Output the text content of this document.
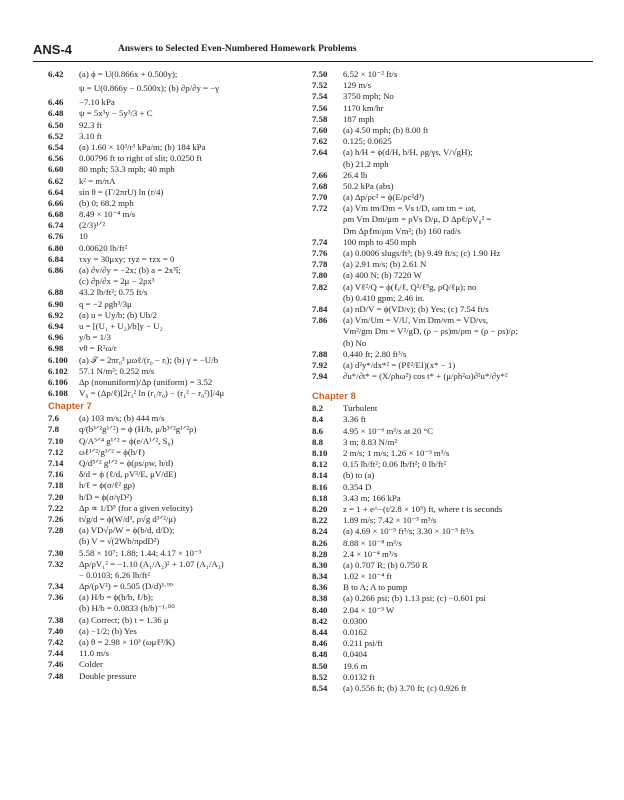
ANS-4	Answers to Selected Even-Numbered Homework Problems
6.42 (a) ϕ = U(0.866x + 0.500y);
ψ = U(0.866y − 0.500x); (b) ∂p/∂y = −γ
6.46 −7.10 kPa
6.48 ψ = 5x³y − 5y³/3 + C
6.50 92.3 ft
6.52 3.10 ft
6.54 (a) 1.60 × 10³/r³ kPa/m; (b) 184 kPa
6.56 0.00796 ft to right of slit; 0.0250 ft
6.60 80 mph; 53.3 mph; 40 mph
6.62 k² = m/πA
6.64 sin θ = (Γ/2πrU) ln (r/4)
6.66 (b) 0; 68.2 mph
6.68 8.49 × 10⁻⁴ m/s
6.74 (2/3)¹ᐟ²
6.76 10
6.80 0.00620 lb/ft²
6.84 τxy = 30μxy; τyz = τzx = 0
6.86 (a) ∂v/∂y = −2x; (b) a = 2x³î;
(c) ∂p/∂x = 2μ − 2ρx³
6.88 43.2 lb/ft²; 0.75 ft/s
6.90 q = −2 ρgh³/3μ
6.92 (a) u = Uy/b; (b) Ub/2
6.94 u = [(U₁ + U₂)/b]y − U₂
6.96 y/b = 1/3
6.98 vθ = R²ω/r
6.100 (a) 𝒯 = 2πr₀³ μωℓ/(r₀ − rᵢ); (b) γ̇ = −U/b
6.102 57.1 N/m²; 0.252 m/s
6.106 Δp (nonuniform)/Δp (uniform) = 3.52
6.108 V₀ = (Δp/ℓ)[2r₁² ln (r₁/r₀) − (r₁² − r₀²)]/4μ
Chapter 7
7.6 (a) 103 m/s; (b) 444 m/s
7.8 q/(b³ᐟ²g¹ᐟ²) = ϕ (H/b, μ/b³ᐟ²g¹ᐟ²ρ)
7.10 Q/A⁵ᐟ⁴ g¹ᐟ² = ϕ(e/A¹ᐟ², S₀)
7.12 ωℓ¹ᐟ²/g¹ᐟ² = ϕ(h/ℓ)
7.14 Q/d⁵ᐟ² g¹ᐟ² = ϕ(ρs/ρw, h/d)
7.16 δ/d = ϕ (ℓ/d, ρV²/E, μV/dE)
7.18 h/ℓ = ϕ(σ/ℓ² gρ)
7.20 h/D = ϕ(σ/γD²)
7.22 Δp ∝ 1/D⁵ (for a given velocity)
7.26 t√g/d = ϕ(W/d³, ρ√g d³ᐟ²/μ)
7.28 (a) VD√ρ/W = ϕ(b/d, d/D);
(b) V = √(2Wb/πρdD²)
7.30 5.58 × 10⁷; 1.88; 1.44; 4.17 × 10⁻³
7.32 Δp/ρV₁² = −1.10 (A₁/A₂)² + 1.07 (A₁/A₂)
− 0.0103; 6.26 lb/ft²
7.34 Δp/(ρV²) = 0.505 (D/d)³·⁹⁹
7.36 (a) H/b = ϕ(h/b, ℓ/b);
(b) H/b = 0.0833 (h/b)⁻¹·⁰⁰
7.38 (a) Correct; (b) t = 1.36 μ
7.40 (a) −1/2; (b) Yes
7.42 (a) θ = 2.98 × 10³ (ωμℓ³/K)
7.44 11.0 m/s
7.46 Colder
7.48 Double pressure
7.50 6.52 × 10⁻² ft/s
7.52 129 m/s
7.54 3750 mph; No
7.56 1170 km/hr
7.58 187 mph
7.60 (a) 4.50 mph; (b) 8.00 ft
7.62 0.125; 0.0625
7.64 (a) h/H = ϕ(d/H, b/H, ρg/γs, V/√gH);
(b) 21.2 mph
7.66 26.4 lb
7.68 50.2 kPa (abs)
7.70 (a) Δp/ρc² = ϕ(E/ρc²d³)
7.72 (a) Vm tm/Dm = Vs t/D, ωm tm = ωt,
ρm Vm Dm/μm = ρVs D/μ, D Δpℓ/ρV₀² =
Dm Δpℓm/ρm Vm²; (b) 160 rad/s
7.74 100 mph to 450 mph
7.76 (a) 0.0006 slugs/ft³; (b) 9.49 ft/s; (c) 1.90 Hz
7.78 (a) 2.91 m/s; (b) 2.61 N
7.80 (a) 400 N; (b) 7220 W
7.82 (a) Vℓ²/Q = ϕ(ℓᵢ/ℓ, Q²/ℓ⁵g, ρQ/ℓμ); no
(b) 0.410 gpm; 2.46 in.
7.84 (a) nD/V = ϕ(VD/ν); (b) Yes; (c) 7.54 ft/s
7.86 (a) Vm/Um = V/U, Vm Dm/νm = VD/νs,
Vm²/gm Dm = V²/gD, (ρ − ρs)m/ρm = (ρ − ρs)/ρ;
(b) No
7.88 0.440 ft; 2.80 ft³/s
7.92 (a) d²y*/dx*² = (Pℓ²/EI)(x* − 1)
7.94 ∂u*/∂t* = (X/ρhω²) cos t* + (μ/ρh²ω)∂²u*/∂y*²
Chapter 8
8.2 Turbulent
8.4 3.36 ft
8.6 4.95 × 10⁻⁶ m³/s at 20 °C
8.8 3 m; 8.83 N/m²
8.10 2 m/s; 1 m/s; 1.26 × 10⁻³ m³/s
8.12 0.15 lb/ft²; 0.06 lb/ft²; 0 lb/ft²
8.14 (b) to (a)
8.16 0.354 D
8.18 3.43 m; 166 kPa
8.20 z = 1 + e^−(t/2.8 × 10⁵) ft, where t is seconds
8.22 1.89 m/s; 7.42 × 10⁻³ m³/s
8.24 (a) 4.69 × 10⁻⁵ ft³/s; 3.30 × 10⁻³ ft³/s
8.26 8.88 × 10⁻⁸ m³/s
8.28 2.4 × 10⁻⁴ m³/s
8.30 (a) 0.707 R; (b) 0.750 R
8.34 1.02 × 10⁻⁴ ft
8.36 B to A; A to pump
8.38 (a) 0.266 psi; (b) 1.13 psi; (c) −0.601 psi
8.40 2.04 × 10⁻³ W
8.42 0.0300
8.44 0.0162
8.46 0.211 psi/ft
8.48 0.0404
8.50 19.6 m
8.52 0.0132 ft
8.54 (a) 0.556 ft; (b) 3.70 ft; (c) 0.926 ft
